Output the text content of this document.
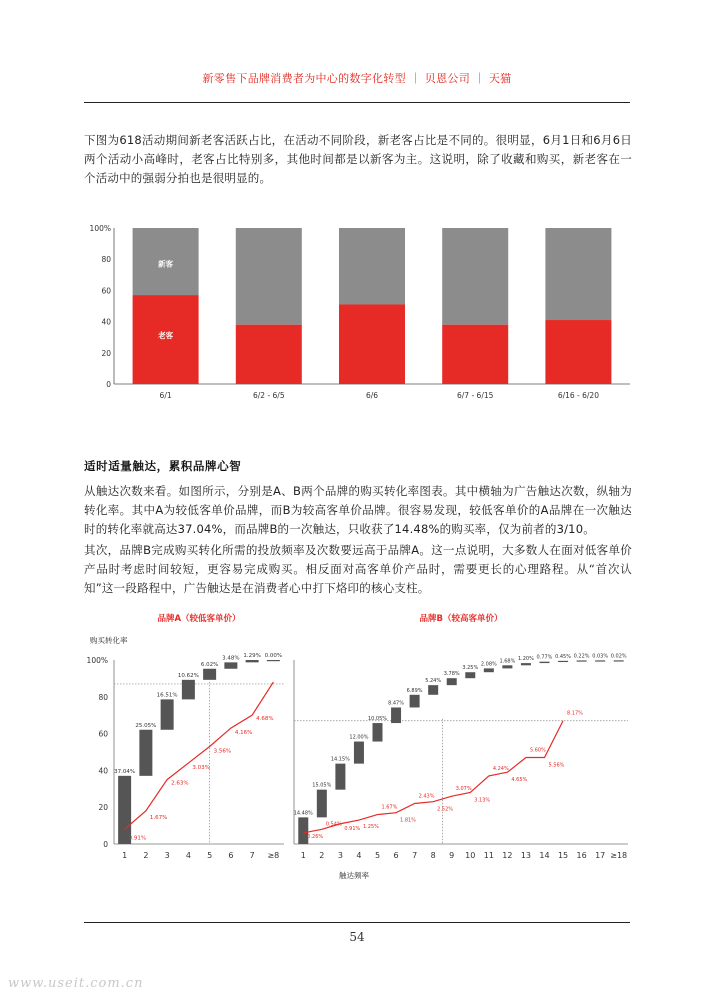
新零售下品牌消费者为中心的数字化转型 ｜ 贝恩公司 ｜ 天猫
下图为618活动期间新老客活跃占比，在活动不同阶段，新老客占比是不同的。很明显，6月1日和6月6日两个活动小高峰时，老客占比特别多，其他时间都是以新客为主。这说明，除了收藏和购买，新老客在一个活动中的强弱分拍也是很明显的。
0
20
40
60
80
100%
6/1	6/2 - 6/5	6/6	6/7 - 6/15	6/16 - 6/20
新客
老客
适时适量触达，累积品牌心智
从触达次数来看。如图所示，分别是A、B两个品牌的购买转化率图表。其中横轴为广告触达次数，纵轴为转化率。其中A为较低客单价品牌，而B为较高客单价品牌。很容易发现，较低客单价的A品牌在一次触达时的转化率就高达37.04%，而品牌B的一次触达，只收获了14.48%的购买率，仅为前者的3/10。
其次，品牌B完成购买转化所需的投放频率及次数要远高于品牌A。这一点说明，大多数人在面对低客单价产品时考虑时间较短，更容易完成购买。相反面对高客单价产品时，需要更长的心理路程。从“首次认知”这一段路程中，广告触达是在消费者心中打下烙印的核心支柱。
品牌A（较低客单价）
购买转化率
0
20
40
60
80
100%
37.04%
25.05%
16.51%
10.62%
6.02%
3.48% 1.29% 0.00%
0.91%
1.67%
2.63%
3.03%
3.56%
4.16%
4.68%
1 2 3 4 5 6 7 ≥8
品牌B（较高客单价）
14.48%
15.05%
14.15%
12.00%
10.05%
8.47%
6.89%
5.24%
3.78%
3.25%
2.08%
1.68% 1.20% 0.77% 0.45% 0.22% 0.03% 0.02%
0.26%
0.54%
0.91% 1.25%
1.67%
1.81%
2.43%
2.52%
3.07%
3.13%
4.24%
4.65%
5.60%
5.56%
8.17%
1 2 3 4 5 6 7 8 9 10 11 12 13 14 15 16 17 ≥18
触达频率
54
www.useit.com.cn
